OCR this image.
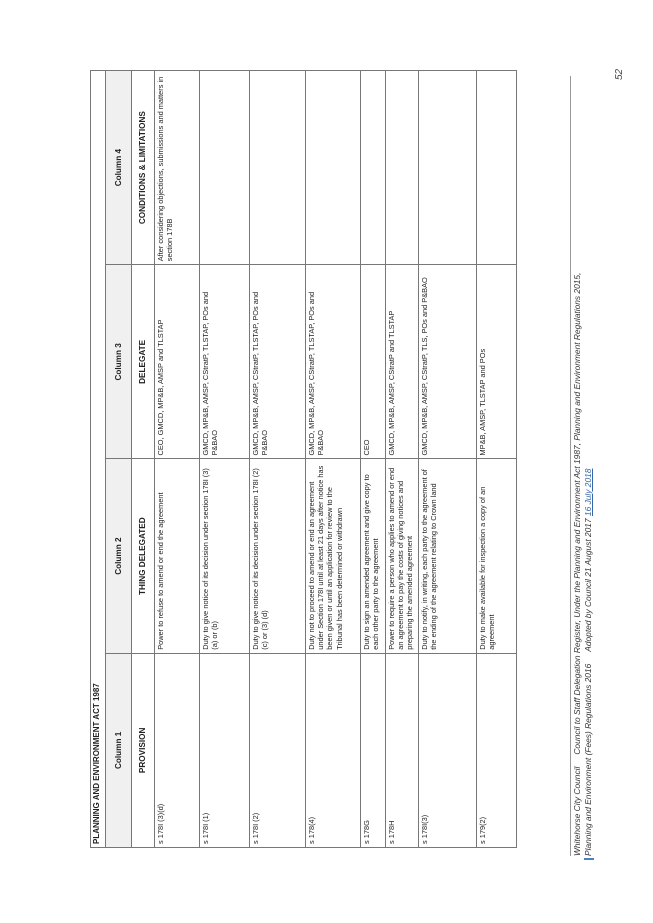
PLANNING AND ENVIRONMENT ACT 1987			
Column 1	Column 2	Column 3	Column 4
PROVISION	THING DELEGATED	DELEGATE	CONDITIONS & LIMITATIONS
s 178I (3)(d)	Power to refuse to amend or end the agreement	CEO, GMCD, MP&B, AMSP and TLSTAP	After considering objections, submissions and matters in section 178B
s 178I (1)	Duty to give notice of its decision under section 178I (3) (a) or (b)	GMCD, MP&B, AMSP, CStratP, TLSTAP, POs and P&BAO	
s 178I (2)	Duty to give notice of its decision under section 178I (2) (c) or (3) (d)	GMCD, MP&B, AMSP, CStratP, TLSTAP, POs and P&BAO	
s 178(4)	Duty not to proceed to amend or end an agreement under Section 178I until at least 21 days after notice has been given or until an application for review to the Tribunal has been determined or withdrawn	GMCD, MP&B, AMSP, CStratP, TLSTAP, POs and P&BAO	
s 178G	Duty to sign an amended agreement and give copy to each other party to the agreement	CEO	
s 178H	Power to require a person who applies to amend or end an agreement to pay the costs of giving notices and preparing the amended agreement	GMCD, MP&B, AMSP, CStratP and TLSTAP	
s 178I(3)	Duty to notify, in writing, each party to the agreement of the ending of the agreement relating to Crown land	GMCD, MP&B, AMSP, CStratP, TLS, POs and P&BAO	
s 179(2)	Duty to make available for inspection a copy of an agreement	MP&B, AMSP, TLSTAP and POs	
Whitehorse City CouncilCouncil to Staff Delegation Register, Under the Planning and Environment Act 1987, Planning and Environment Regulations 2015,
Planning and Environment (Fees) Regulations 2016Adopted by Council 21 August 2017 16 July 2018
52
